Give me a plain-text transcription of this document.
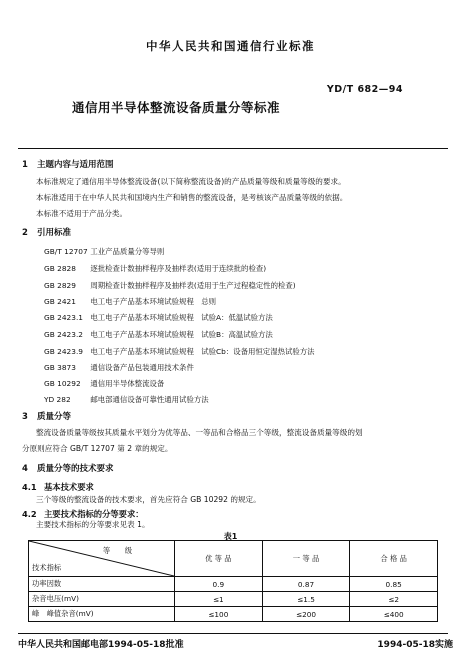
中华人民共和国通信行业标准
YD/T 682—94
通信用半导体整流设备质量分等标准
1 主题内容与适用范围
本标准规定了通信用半导体整流设备(以下简称整流设备)的产品质量等级和质量等级的要求。
本标准适用于在中华人民共和国境内生产和销售的整流设备，是考核该产品质量等级的依据。
本标准不适用于产品分类。
2 引用标准
GB/T 12707 工业产品质量分等导则
GB 2828 逐批检查计数抽样程序及抽样表(适用于连续批的检查)
GB 2829 周期检查计数抽样程序及抽样表(适用于生产过程稳定性的检查)
GB 2421 电工电子产品基本环境试验规程　总则
GB 2423.1 电工电子产品基本环境试验规程　试验A：低温试验方法
GB 2423.2 电工电子产品基本环境试验规程　试验B：高温试验方法
GB 2423.9 电工电子产品基本环境试验规程　试验Cb：设备用恒定湿热试验方法
GB 3873 通信设备产品包装通用技术条件
GB 10292 通信用半导体整流设备
YD 282	邮电部通信设备可靠性通用试验方法
3 质量分等
整流设备质量等级按其质量水平划分为优等品、一等品和合格品三个等级，整流设备质量等级的划
分原则应符合 GB/T 12707 第 2 章的规定。
4 质量分等的技术要求
4.1 基本技术要求
三个等级的整流设备的技术要求，首先应符合 GB 10292 的规定。
4.2 主要技术指标的分等要求：
主要技术指标的分等要求见表 1。
表1
等　　级
技术指标	优 等 品	一 等 品	合 格 品
功率因数	0.9	0.87	0.85
杂音电压(mV)	≤1	≤1.5	≤2
峰　峰值杂音(mV)	≤100	≤200	≤400
中华人民共和国邮电部1994-05-18批准	1994-05-18实施
